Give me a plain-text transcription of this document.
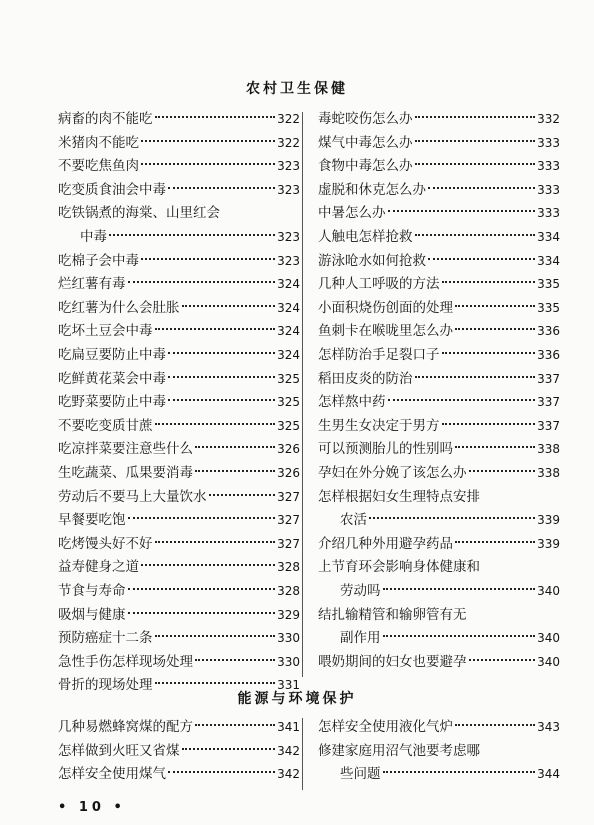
农村卫生保健
病畜的肉不能吃	322
米猪肉不能吃	322
不要吃焦鱼肉	323
吃变质食油会中毒	323
吃铁锅煮的海棠、山里红会
中毒	323
吃棉子会中毒	323
烂红薯有毒	324
吃红薯为什么会肚胀	324
吃坏土豆会中毒	324
吃扁豆要防止中毒	324
吃鲜黄花菜会中毒	325
吃野菜要防止中毒	325
不要吃变质甘蔗	325
吃凉拌菜要注意些什么	326
生吃蔬菜、瓜果要消毒	326
劳动后不要马上大量饮水	327
早餐要吃饱	327
吃烤馒头好不好	327
益寿健身之道	328
节食与寿命	328
吸烟与健康	329
预防癌症十二条	330
急性手伤怎样现场处理	330
骨折的现场处理	331
毒蛇咬伤怎么办	332
煤气中毒怎么办	333
食物中毒怎么办	333
虚脱和休克怎么办	333
中暑怎么办	333
人触电怎样抢救	334
游泳呛水如何抢救	334
几种人工呼吸的方法	335
小面积烧伤创面的处理	335
鱼刺卡在喉咙里怎么办	336
怎样防治手足裂口子	336
稻田皮炎的防治	337
怎样熬中药	337
生男生女决定于男方	337
可以预测胎儿的性别吗	338
孕妇在外分娩了该怎么办	338
怎样根据妇女生理特点安排
农活	339
介绍几种外用避孕药品	339
上节育环会影响身体健康和
劳动吗	340
结扎输精管和输卵管有无
副作用	340
喂奶期间的妇女也要避孕	340
能源与环境保护
几种易燃蜂窝煤的配方	341
怎样做到火旺又省煤	342
怎样安全使用煤气	342
怎样安全使用液化气炉	343
修建家庭用沼气池要考虑哪
些问题	344
• 10 •
